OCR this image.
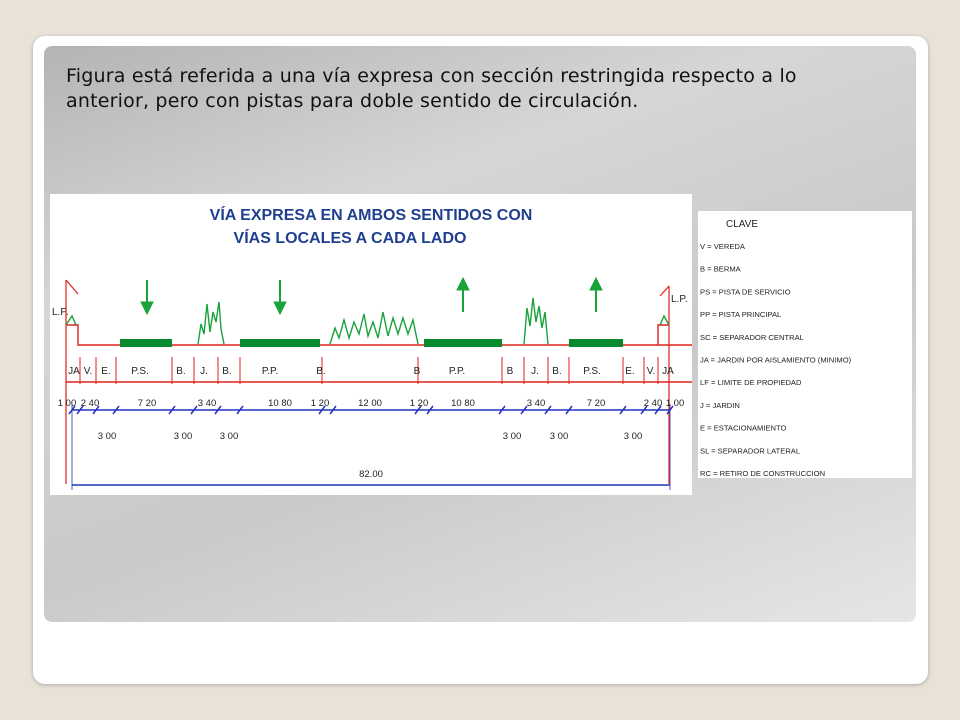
Figura está referida a una vía expresa con sección restringida respecto a lo anterior, pero con pistas para doble sentido de circulación.
VÍA EXPRESA EN AMBOS SENTIDOS CON
VÍAS LOCALES A CADA LADO
L.P.
L.P.
JA V. E. P.S.	B. J. B.	P.P.	B.	B	P.P.	B J. B. P.S. E. V. JA
1 00 2 40	7 20	3 40	10 80 1 20	12 00	1 20 10 80	3 40	7 20	2 40 1 00
3 00	3 00	3 00	3 00	3 00	3 00
82.00
CLAVE
V = VEREDA
B = BERMA
PS = PISTA DE SERVICIO
PP = PISTA PRINCIPAL
SC = SEPARADOR CENTRAL
JA = JARDIN POR AISLAMIENTO (MINIMO)
LF = LIMITE DE PROPIEDAD
J = JARDIN
E = ESTACIONAMIENTO
SL = SEPARADOR LATERAL
RC = RETIRO DE CONSTRUCCION
